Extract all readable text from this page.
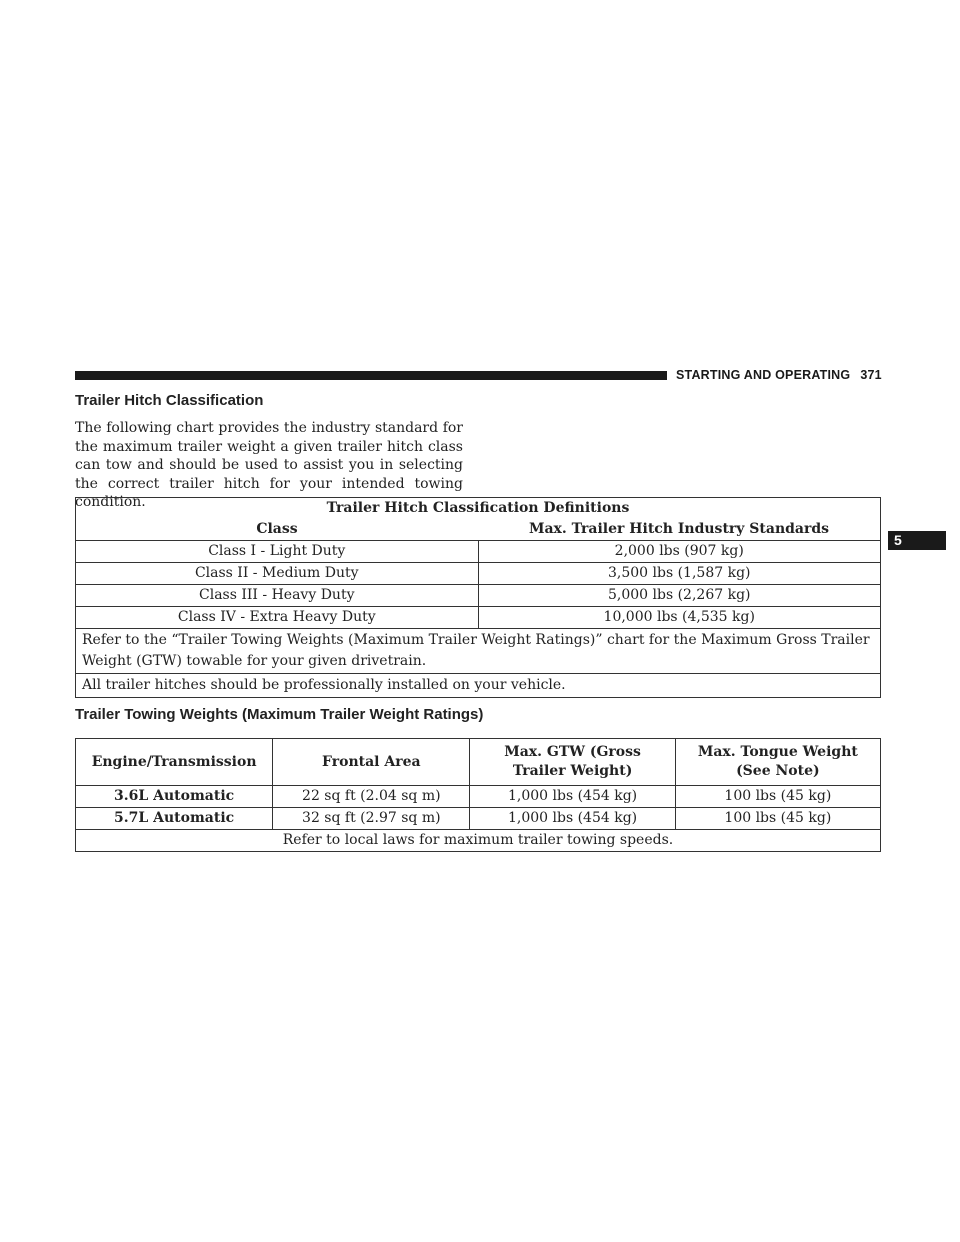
STARTING AND OPERATING 371
5
Trailer Hitch Classification

The following chart provides the industry standard for the maximum trailer weight a given trailer hitch class can tow and should be used to assist you in selecting the correct trailer hitch for your intended towing condition.	Trailer Hitch Classification Definitions	
Class	Max. Trailer Hitch Industry Standards
Class I - Light Duty	2,000 lbs (907 kg)
Class II - Medium Duty	3,500 lbs (1,587 kg)
Class III - Heavy Duty	5,000 lbs (2,267 kg)
Class IV - Extra Heavy Duty	10,000 lbs (4,535 kg)
Refer to the “Trailer Towing Weights (Maximum Trailer Weight Ratings)” chart for the Maximum Gross Trailer Weight (GTW) towable for your given drivetrain.	
All trailer hitches should be professionally installed on your vehicle.	
Trailer Towing Weights (Maximum Trailer Weight Ratings)
Engine/Transmission	Frontal Area	Max. GTW (Gross Trailer Weight)	Max. Tongue Weight (See Note)
3.6L Automatic	22 sq ft (2.04 sq m)	1,000 lbs (454 kg)	100 lbs (45 kg)
5.7L Automatic	32 sq ft (2.97 sq m)	1,000 lbs (454 kg)	100 lbs (45 kg)
Refer to local laws for maximum trailer towing speeds.			
